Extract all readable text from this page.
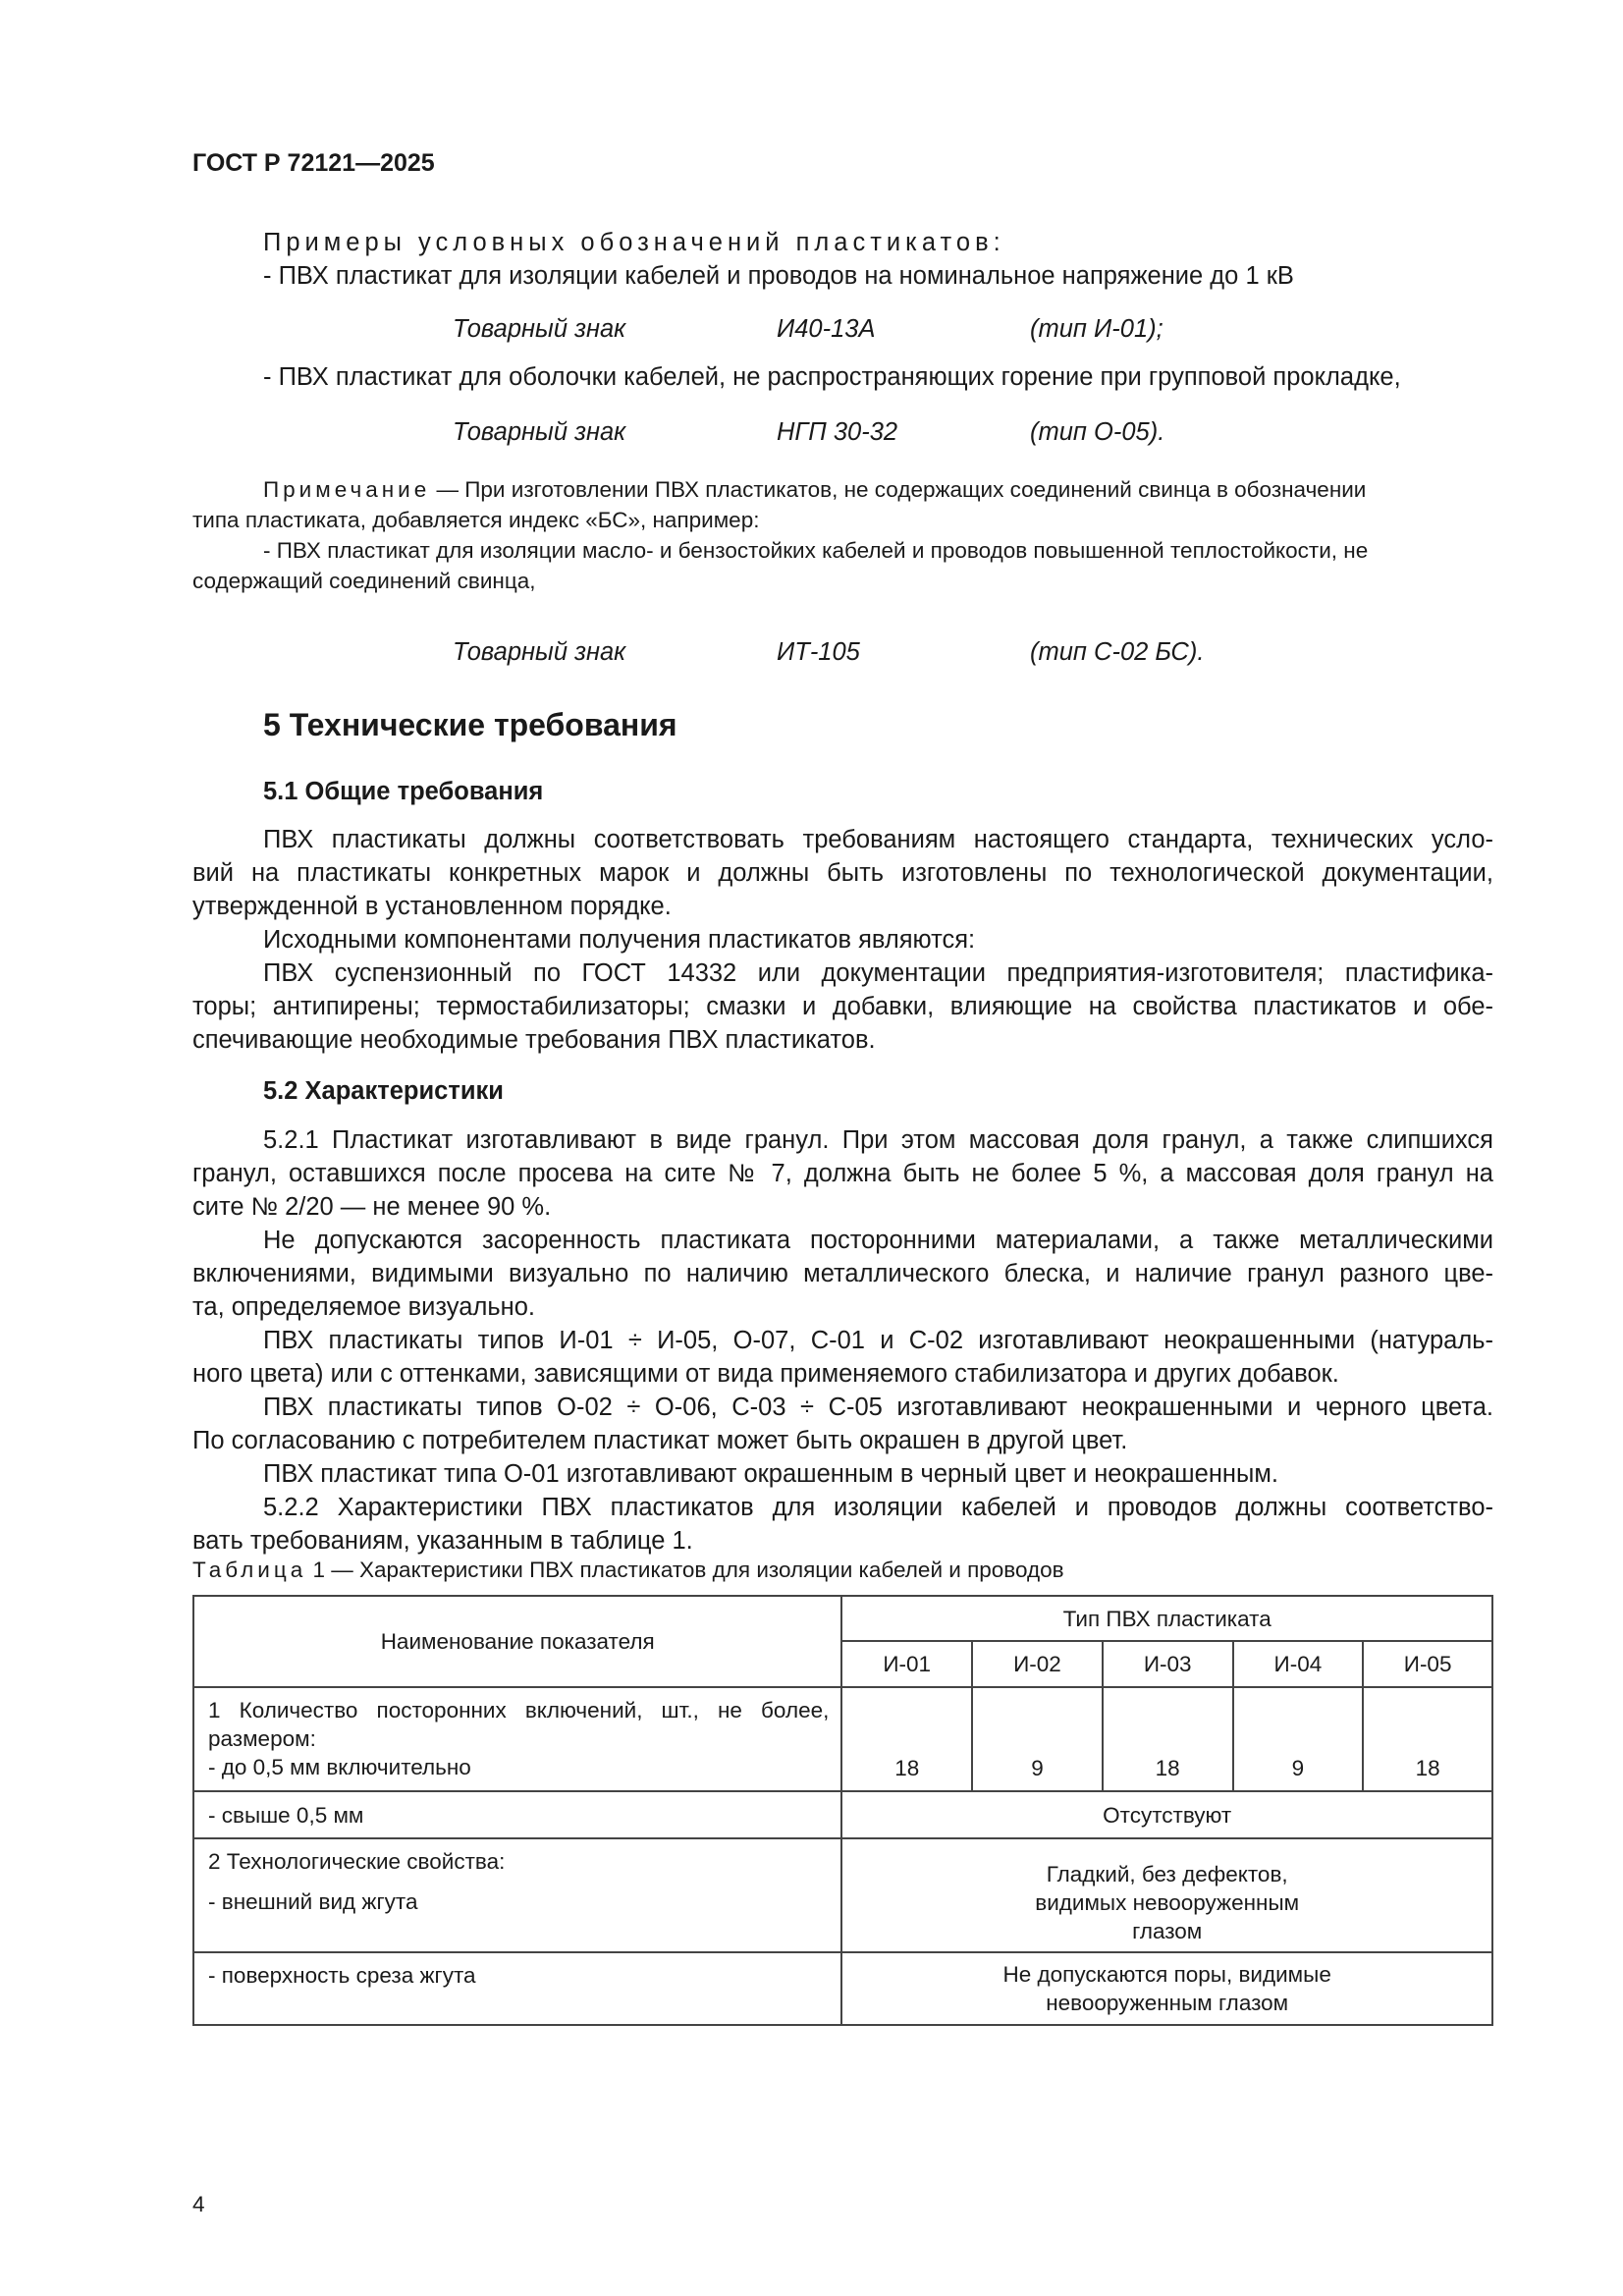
ГОСТ Р 72121—2025
Примеры условных обозначений пластикатов:
- ПВХ пластикат для изоляции кабелей и проводов на номинальное напряжение до 1 кВ
Товарный знак	И40-13А	(тип И-01);
- ПВХ пластикат для оболочки кабелей, не распространяющих горение при групповой прокладке,
Товарный знак	НГП 30-32	(тип О-05).
Примечание — При изготовлении ПВХ пластикатов, не содержащих соединений свинца в обозначении
типа пластиката, добавляется индекс «БС», например:
- ПВХ пластикат для изоляции масло- и бензостойких кабелей и проводов повышенной теплостойкости, не
содержащий соединений свинца,
Товарный знак	ИТ-105	(тип С-02 БС).
5 Технические требования
5.1 Общие требования
ПВХ пластикаты должны соответствовать требованиям настоящего стандарта, технических усло-
вий на пластикаты конкретных марок и должны быть изготовлены по технологической документации,
утвержденной в установленном порядке.
Исходными компонентами получения пластикатов являются:
ПВХ суспензионный по ГОСТ 14332 или документации предприятия-изготовителя; пластифика-
торы; антипирены; термостабилизаторы; смазки и добавки, влияющие на свойства пластикатов и обе-
спечивающие необходимые требования ПВХ пластикатов.
5.2 Характеристики
5.2.1 Пластикат изготавливают в виде гранул. При этом массовая доля гранул, а также слипшихся
гранул, оставшихся после просева на сите № 7, должна быть не более 5 %, а массовая доля гранул на
сите № 2/20 — не менее 90 %.
Не допускаются засоренность пластиката посторонними материалами, а также металлическими
включениями, видимыми визуально по наличию металлического блеска, и наличие гранул разного цве-
та, определяемое визуально.
ПВХ пластикаты типов И-01 ÷ И-05, О-07, С-01 и С-02 изготавливают неокрашенными (натураль-
ного цвета) или с оттенками, зависящими от вида применяемого стабилизатора и других добавок.
ПВХ пластикаты типов О-02 ÷ О-06, С-03 ÷ С-05 изготавливают неокрашенными и черного цвета.
По согласованию с потребителем пластикат может быть окрашен в другой цвет.
ПВХ пластикат типа О-01 изготавливают окрашенным в черный цвет и неокрашенным.
5.2.2 Характеристики ПВХ пластикатов для изоляции кабелей и проводов должны соответство-
вать требованиям, указанным в таблице 1.
Таблица 1 — Характеристики ПВХ пластикатов для изоляции кабелей и проводов
Наименование показателя	Тип ПВХ пластиката				
	И-01	И-02	И-03	И-04	И-05

1 Количество посторонних включений, шт., не более,
размером:
- до 0,5 мм включительно	18	9	18	9	18
- свыше 0,5 мм	Отсутствуют				

2 Технологические свойства:
- внешний вид жгута	Гладкий, без дефектов, видимых невооруженным глазом				
- поверхность среза жгута	Не допускаются поры, видимые невооруженным глазом				
4
